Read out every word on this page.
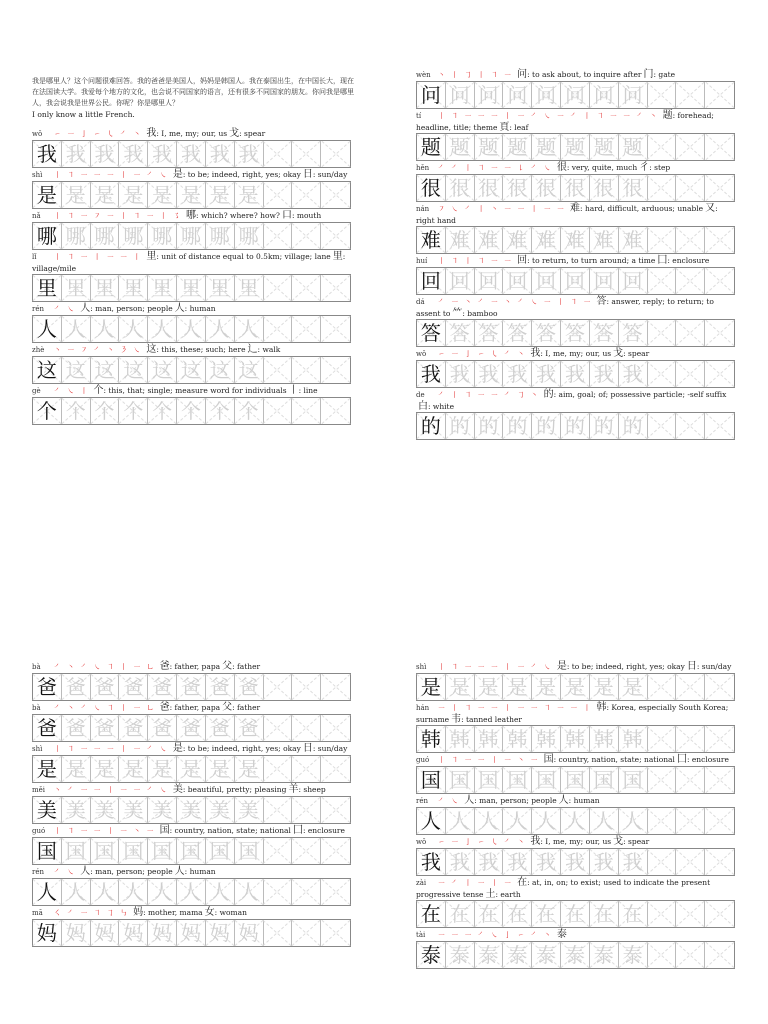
我是哪里人？这个问题很难回答。我的爸爸是美国人，妈妈是韩国人。我在泰国出生，在中国长大，现在在法国读大学。我爱每个地方的文化，也会说不同国家的语言，还有很多不同国家的朋友。你问我是哪里人，我会说我是世界公民。你呢？你是哪里人？
I only know a little French.

wǒ ㇀ ㇐ 亅 ㇀ ㇂ ㇒ ㇔ 我: I, me, my; our, us 戈: spear
我 我 我 我 我 我 我 我
shì 丨 ㇕ ㇐ ㇐ ㇐ 丨 ㇐ ㇒ ㇏ 是: to be; indeed, right, yes; okay 日: sun/day
是 是 是 是 是 是 是 是
nǎ 丨 ㇕ ㇐ ㇇ ㇐ 丨 ㇕ ㇐ 丨 ㇌ 哪: which? where? how? 口: mouth
哪 哪 哪 哪 哪 哪 哪 哪
lǐ	丨 ㇕ ㇐ 丨 ㇐ ㇐ 丨 里: unit of distance equal to 0.5km; village; lane 里: village/mile
里 里 里 里 里 里 里 里
rén ㇒ ㇏ 人: man, person; people 人: human
人 人 人 人 人 人 人 人
zhè ㇔ ㇐ ㇇ ㇒ ㇔ ㇋ ㇏ 这: this, these; such; here 辶: walk
这 这 这 这 这 这 这 这
gè ㇒ ㇏ 丨 个: this, that; single; measure word for individuals 丨: line
个 个 个 个 个 个 个 个
wèn ㇔ 丨 ㇆ 丨 ㇕ ㇐ 问: to ask about, to inquire after 门: gate
问 问 问 问 问 问 问 问
tí 丨 ㇕ ㇐ ㇐ ㇐ 丨 ㇐ ㇒ ㇏ ㇐ ㇒ 丨 ㇕ ㇐ ㇐ ㇒ ㇔ 题: forehead; headline, title; theme 頁: leaf
题 题 题 题 题 题 题 题
hěn ㇒ ㇒ 丨 ㇕ ㇐ ㇐ ㇙ ㇒ ㇏ 很: very, quite, much 彳: step
很 很 很 很 很 很 很 很
nán ㇇ ㇏ ㇒ 丨 ㇔ ㇐ ㇐ 丨 ㇐ ㇐ 难: hard, difficult, arduous; unable 又: right hand
难 难 难 难 难 难 难 难
huí 丨 ㇕ 丨 ㇕ ㇐ ㇐ 回: to return, to turn around; a time 囗: enclosure
回 回 回 回 回 回 回 回
dá ㇒ ㇐ ㇔ ㇒ ㇐ ㇔ ㇒ ㇏ ㇐ 丨 ㇕ ㇐ 答: answer, reply; to return; to assent to ⺮: bamboo
答 答 答 答 答 答 答 答
wǒ ㇀ ㇐ 亅 ㇀ ㇂ ㇒ ㇔ 我: I, me, my; our, us 戈: spear
我 我 我 我 我 我 我 我
de ㇒ 丨 ㇕ ㇐ ㇐ ㇒ ㇆ ㇔ 的: aim, goal; of; possessive particle; -self suffix白: white
的 的 的 的 的 的 的 的
bà ㇒ ㇔ ㇒ ㇏ ㇕ 丨 ㇐ ㇟ 爸: father, papa 父: father
爸 爸 爸 爸 爸 爸 爸 爸
bà ㇒ ㇔ ㇒ ㇏ ㇕ 丨 ㇐ ㇟ 爸: father, papa 父: father
爸 爸 爸 爸 爸 爸 爸 爸
shì 丨 ㇕ ㇐ ㇐ ㇐ 丨 ㇐ ㇒ ㇏ 是: to be; indeed, right, yes; okay 日: sun/day
是 是 是 是 是 是 是 是
měi ㇔ ㇒ ㇐ ㇐ 丨 ㇐ ㇐ ㇒ ㇏ 美: beautiful, pretty; pleasing 羊: sheep
美 美 美 美 美 美 美 美
guó 丨 ㇕ ㇐ ㇐ 丨 ㇐ ㇔ ㇐ 国: country, nation, state; national 囗: enclosure
国 国 国 国 国 国 国 国
rén ㇒ ㇏ 人: man, person; people 人: human
人 人 人 人 人 人 人 人
mā ㇛ ㇒ ㇐ ㇕ ㇆ ㇉ 妈: mother, mama 女: woman
妈 妈 妈 妈 妈 妈 妈 妈
shì 丨 ㇕ ㇐ ㇐ ㇐ 丨 ㇐ ㇒ ㇏ 是: to be; indeed, right, yes; okay 日: sun/day
是 是 是 是 是 是 是 是
hán ㇐ 丨 ㇕ ㇐ ㇐ 丨 ㇐ ㇐ ㇕ ㇐ ㇐ 丨 韩: Korea, especially South Korea; surname 韦: tanned leather
韩 韩 韩 韩 韩 韩 韩 韩
guó 丨 ㇕ ㇐ ㇐ 丨 ㇐ ㇔ ㇐ 国: country, nation, state; national 囗: enclosure
国 国 国 国 国 国 国 国
rén ㇒ ㇏ 人: man, person; people 人: human
人 人 人 人 人 人 人 人
wǒ ㇀ ㇐ 亅 ㇀ ㇂ ㇒ ㇔ 我: I, me, my; our, us 戈: spear
我 我 我 我 我 我 我 我
zài ㇐ ㇒ 丨 ㇐ 丨 ㇐ 在: at, in, on; to exist; used to indicate the present progressive tense 土: earth
在 在 在 在 在 在 在 在
tài ㇐ ㇐ ㇐ ㇒ ㇏ 亅 ㇀ ㇒ ㇔ 泰
泰 泰 泰 泰 泰 泰 泰 泰
